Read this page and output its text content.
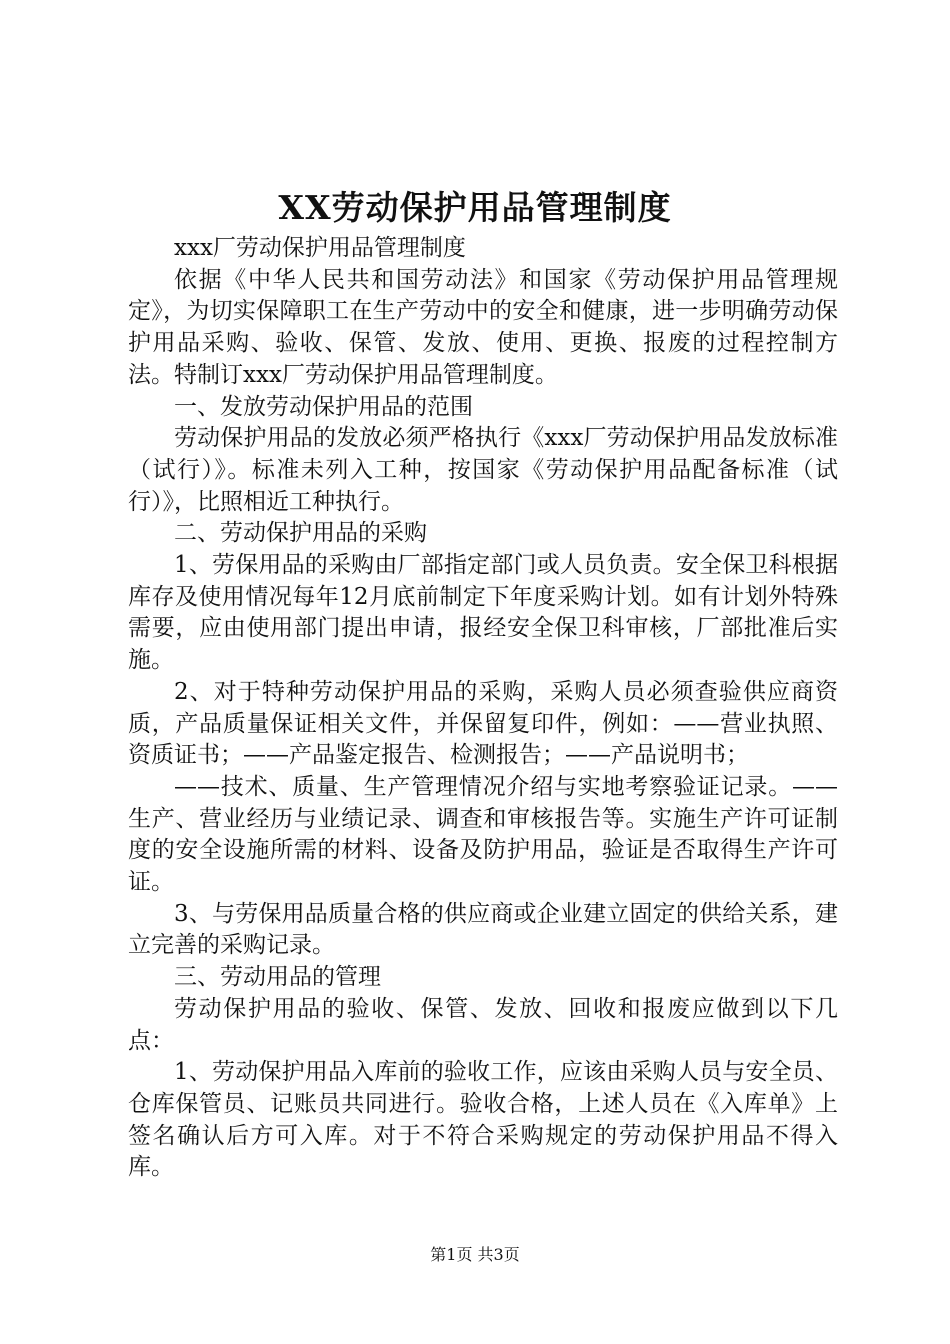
XX劳动保护用品管理制度

xxx厂劳动保护用品管理制度

依据《中华人民共和国劳动法》和国家《劳动保护用品管理规定》，为切实保障职工在生产劳动中的安全和健康，进一步明确劳动保护用品采购、验收、保管、发放、使用、更换、报废的过程控制方法。特制订xxx厂劳动保护用品管理制度。

一、发放劳动保护用品的范围

劳动保护用品的发放必须严格执行《xxx厂劳动保护用品发放标准（试行）》。标准未列入工种，按国家《劳动保护用品配备标准（试行）》，比照相近工种执行。

二、劳动保护用品的采购

1、劳保用品的采购由厂部指定部门或人员负责。安全保卫科根据库存及使用情况每年12月底前制定下年度采购计划。如有计划外特殊需要，应由使用部门提出申请，报经安全保卫科审核，厂部批准后实施。

2、对于特种劳动保护用品的采购，采购人员必须查验供应商资质，产品质量保证相关文件，并保留复印件，例如：——营业执照、资质证书；——产品鉴定报告、检测报告；——产品说明书；

——技术、质量、生产管理情况介绍与实地考察验证记录。——生产、营业经历与业绩记录、调查和审核报告等。实施生产许可证制度的安全设施所需的材料、设备及防护用品，验证是否取得生产许可证。

3、与劳保用品质量合格的供应商或企业建立固定的供给关系，建立完善的采购记录。

三、劳动用品的管理

劳动保护用品的验收、保管、发放、回收和报废应做到以下几点：

1、劳动保护用品入库前的验收工作，应该由采购人员与安全员、仓库保管员、记账员共同进行。验收合格，上述人员在《入库单》上签名确认后方可入库。对于不符合采购规定的劳动保护用品不得入库。

第1页 共3页
